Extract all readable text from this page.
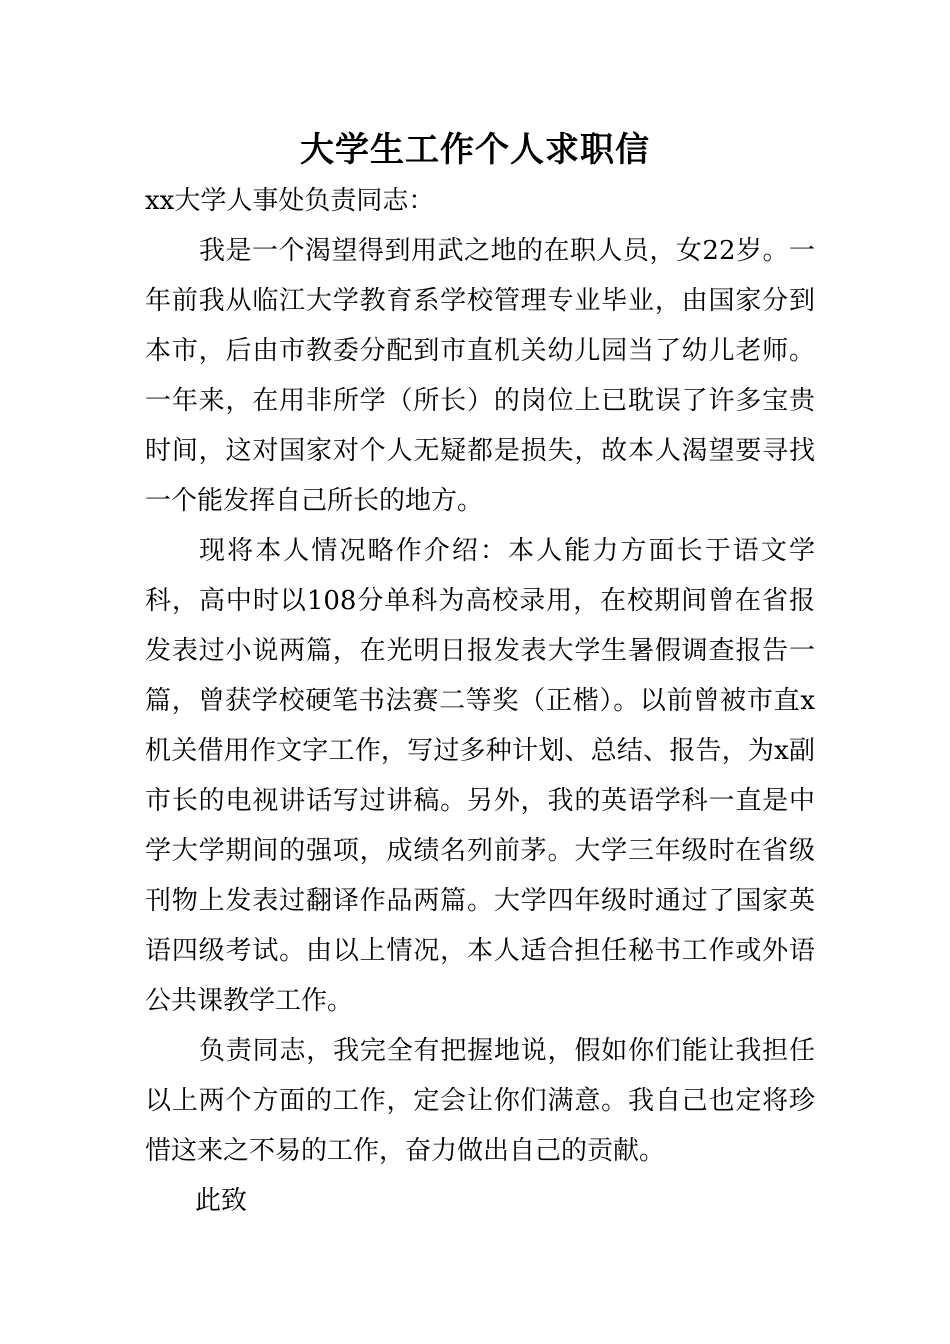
大学生工作个人求职信
xx大学人事处负责同志：
我是一个渴望得到用武之地的在职人员，女22岁。一年前我从临江大学教育系学校管理专业毕业，由国家分到本市，后由市教委分配到市直机关幼儿园当了幼儿老师。一年来，在用非所学（所长）的岗位上已耽误了许多宝贵时间，这对国家对个人无疑都是损失，故本人渴望要寻找一个能发挥自己所长的地方。
现将本人情况略作介绍：本人能力方面长于语文学科，高中时以108分单科为高校录用，在校期间曾在省报发表过小说两篇，在光明日报发表大学生暑假调查报告一篇，曾获学校硬笔书法赛二等奖（正楷）。以前曾被市直x机关借用作文字工作，写过多种计划、总结、报告，为x副市长的电视讲话写过讲稿。另外，我的英语学科一直是中学大学期间的强项，成绩名列前茅。大学三年级时在省级刊物上发表过翻译作品两篇。大学四年级时通过了国家英语四级考试。由以上情况，本人适合担任秘书工作或外语公共课教学工作。
负责同志，我完全有把握地说，假如你们能让我担任以上两个方面的工作，定会让你们满意。我自己也定将珍惜这来之不易的工作，奋力做出自己的贡献。
此致
